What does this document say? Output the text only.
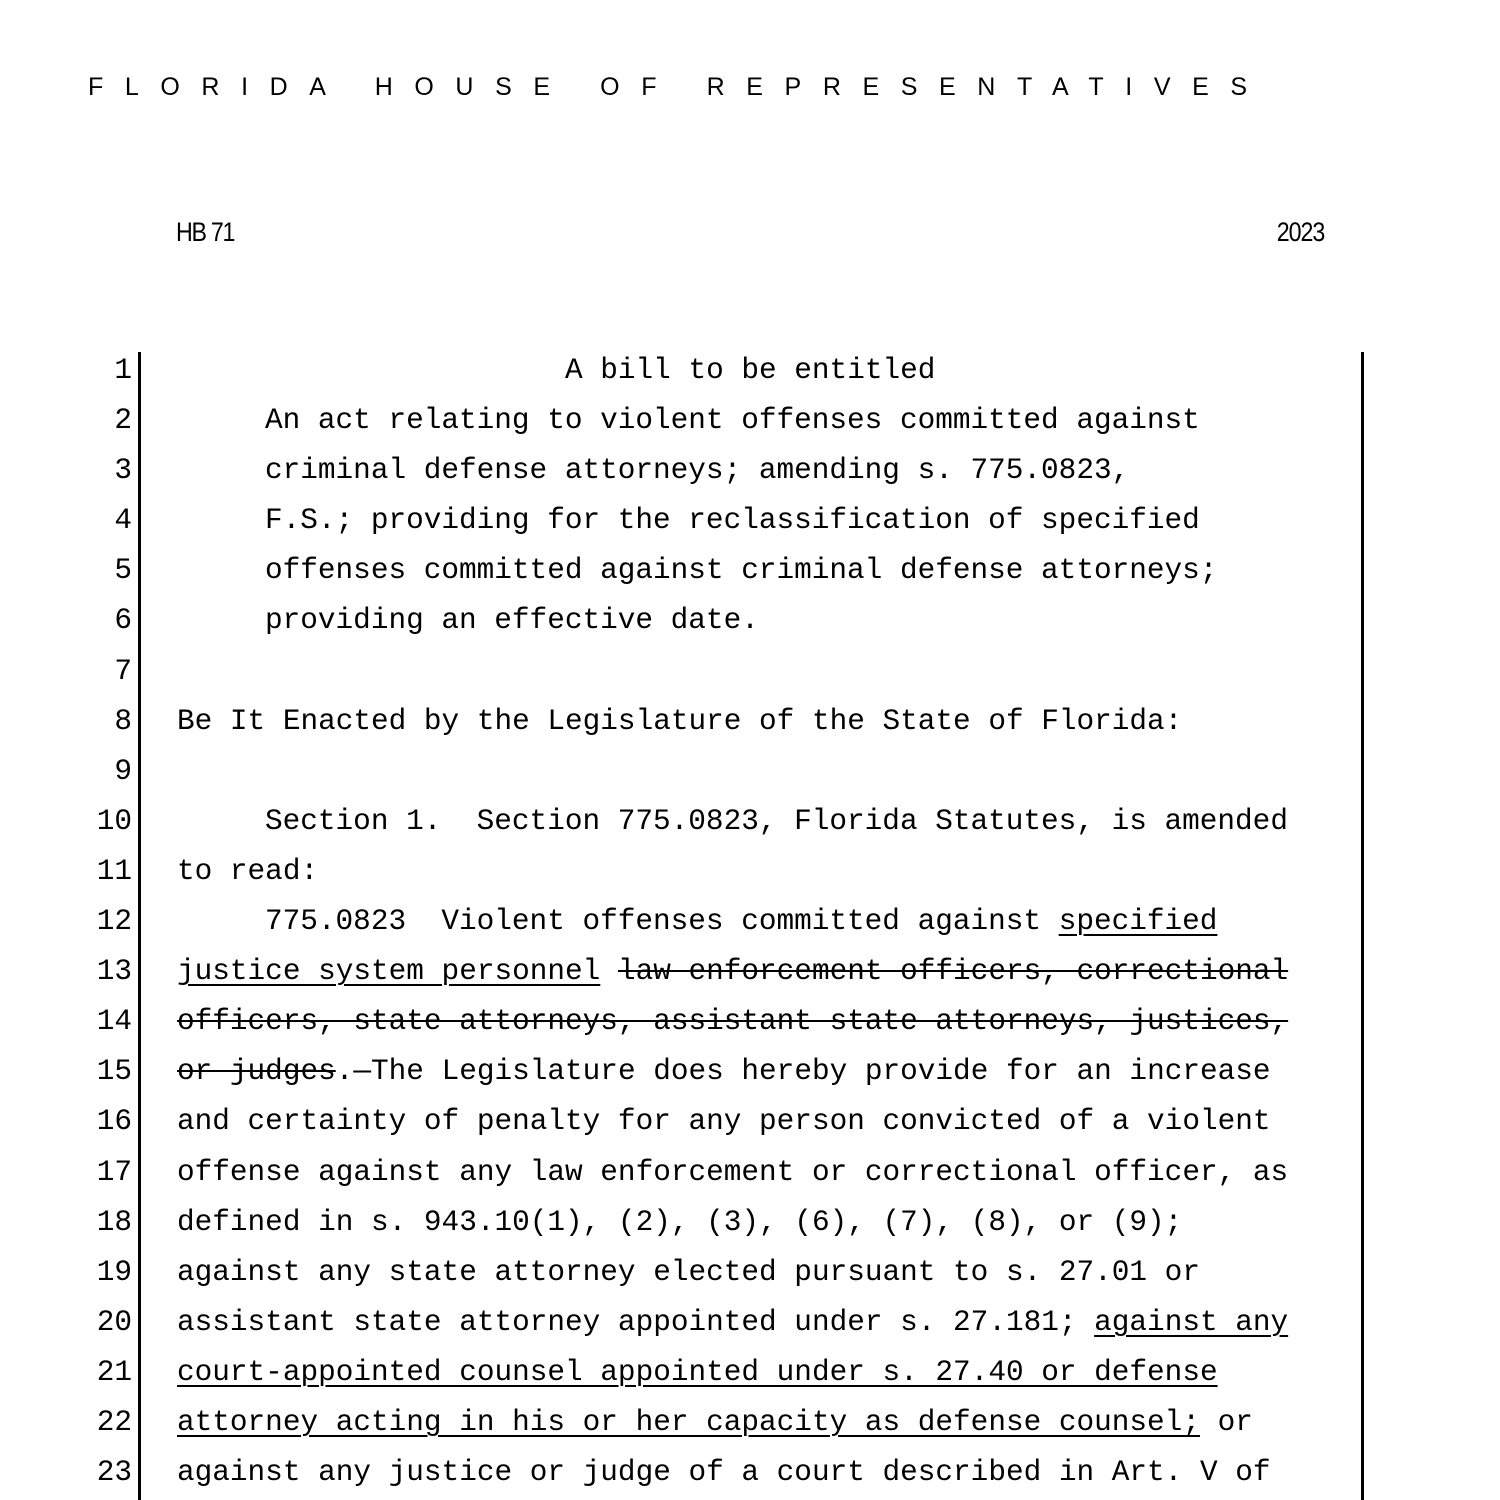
FLORIDA HOUSE OF REPRESENTATIVES
HB 71	2023
1	A bill to be entitled
2	An act relating to violent offenses committed against
3	criminal defense attorneys; amending s. 775.0823,
4	F.S.; providing for the reclassification of specified
5	offenses committed against criminal defense attorneys;
6	providing an effective date.
7
8 Be It Enacted by the Legislature of the State of Florida:
9
10	Section 1.  Section 775.0823, Florida Statutes, is amended
11 to read:
12	775.0823  Violent offenses committed against specified
13 justice system personnel law enforcement officers, correctional
14 officers, state attorneys, assistant state attorneys, justices,
15 or judges.—The Legislature does hereby provide for an increase
16 and certainty of penalty for any person convicted of a violent
17 offense against any law enforcement or correctional officer, as
18 defined in s. 943.10(1), (2), (3), (6), (7), (8), or (9);
19 against any state attorney elected pursuant to s. 27.01 or
20 assistant state attorney appointed under s. 27.181; against any
21 court-appointed counsel appointed under s. 27.40 or defense
22 attorney acting in his or her capacity as defense counsel; or
23 against any justice or judge of a court described in Art. V of
